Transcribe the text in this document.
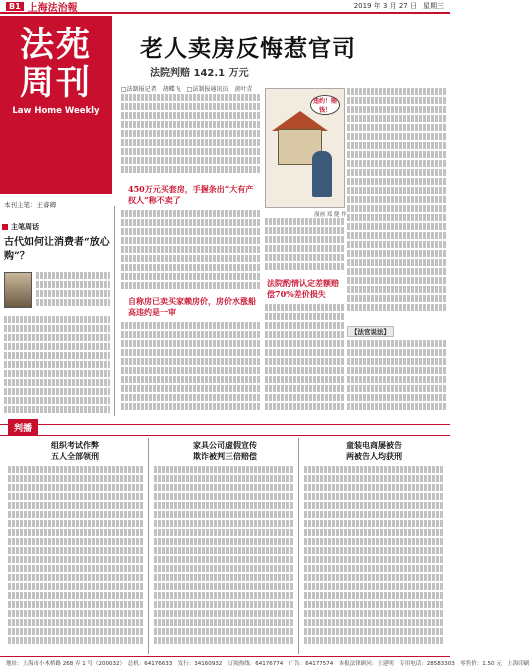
B1 上海法治報	2019 年 3 月 27 日 星期三
法苑
周刊
Law Home Weekly
本刊主笔：王睿卿
主笔周话
古代如何让消费者“放心购”？
老人卖房反悔惹官司
法院判赔 142.1 万元
□法制报记者　胡蝶飞　□法制报通讯员　黄叶青
450万元买套房，手握条出“大有产权人”称不卖了
自称房已卖买家赖房价，房价水涨船高违约是一审
违约！赔钱！
漫画 郑 健 作
法院酌情认定差额赔偿70%差价损失
【法官说法】
判播
组织考试作弊
五人全部领刑
家具公司虚假宣传
欺诈被判三倍赔偿
童装电商屡被告
两被告人均获刑
地址：上海市小木桥路 268 弄 1 号（200032）　总机：64176633　发行：34160932　订阅热线：64176774　广告：64177574　本报法律顾问：王建明　专用电话：28583303　零售价：1.50 元　上海印刷
